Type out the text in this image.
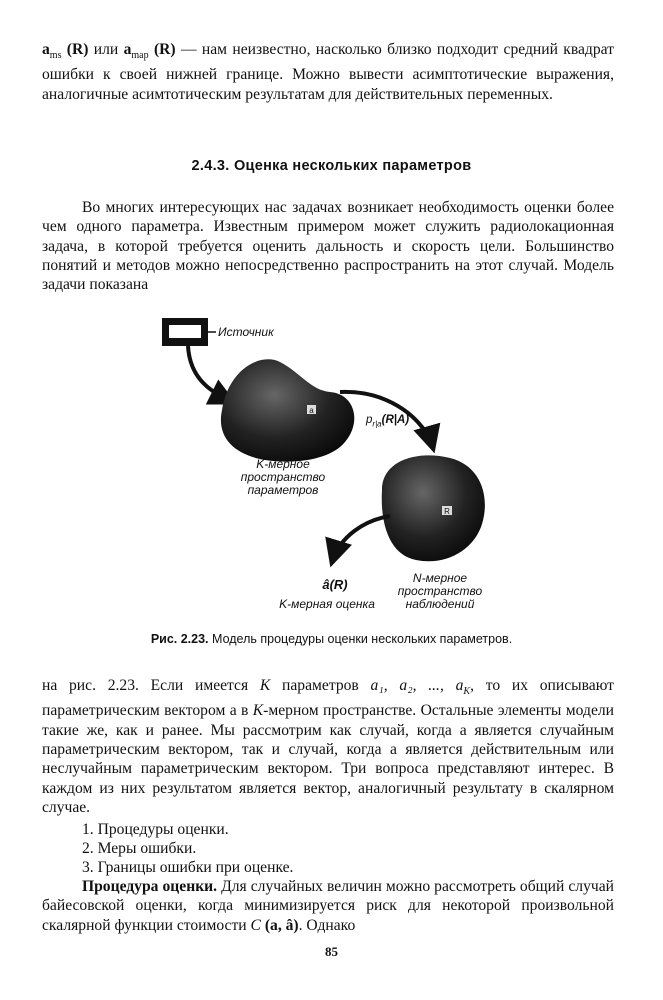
$a_{ms}$ (R) или $a_{map}$ (R) — нам неизвестно, насколько близко подходит средний квадрат ошибки к своей нижней границе. Можно вывести асимптотические выражения, аналогичные асимтотическим результатам для действительных переменных.

2.4.3. Оценка нескольких параметров

Во многих интересующих нас задачах возникает необходимость оценки более чем одного параметра. Известным примером может служить радиолокационная задача, в которой требуется оценить дальность и скорость цели. Большинство понятий и методов можно непосредственно распространить на этот случай. Модель задачи показана

a
R
Источник
$p_{r|a}(R|A)$
K-мерное пространство параметров
N-мерное пространство наблюдений
â(R)
K-мерная оценка
Рис. 2.23. Модель процедуры оценки нескольких параметров.

на рис. 2.23. Если имеется K параметров a₁, a₂, ..., $a_K$, то их описывают параметрическим вектором a в K-мерном пространстве. Остальные элементы модели такие же, как и ранее. Мы рассмотрим как случай, когда a является случайным параметрическим вектором, так и случай, когда a является действительным или неслучайным параметрическим вектором. Три вопроса представляют интерес. В каждом из них результатом является вектор, аналогичный результату в скалярном случае.

1. Процедуры оценки.
2. Меры ошибки.
3. Границы ошибки при оценке.

Процедура оценки. Для случайных величин можно рассмотреть общий случай байесовской оценки, когда минимизируется риск для некоторой произвольной скалярной функции стоимости C (a, â). Однако

85
